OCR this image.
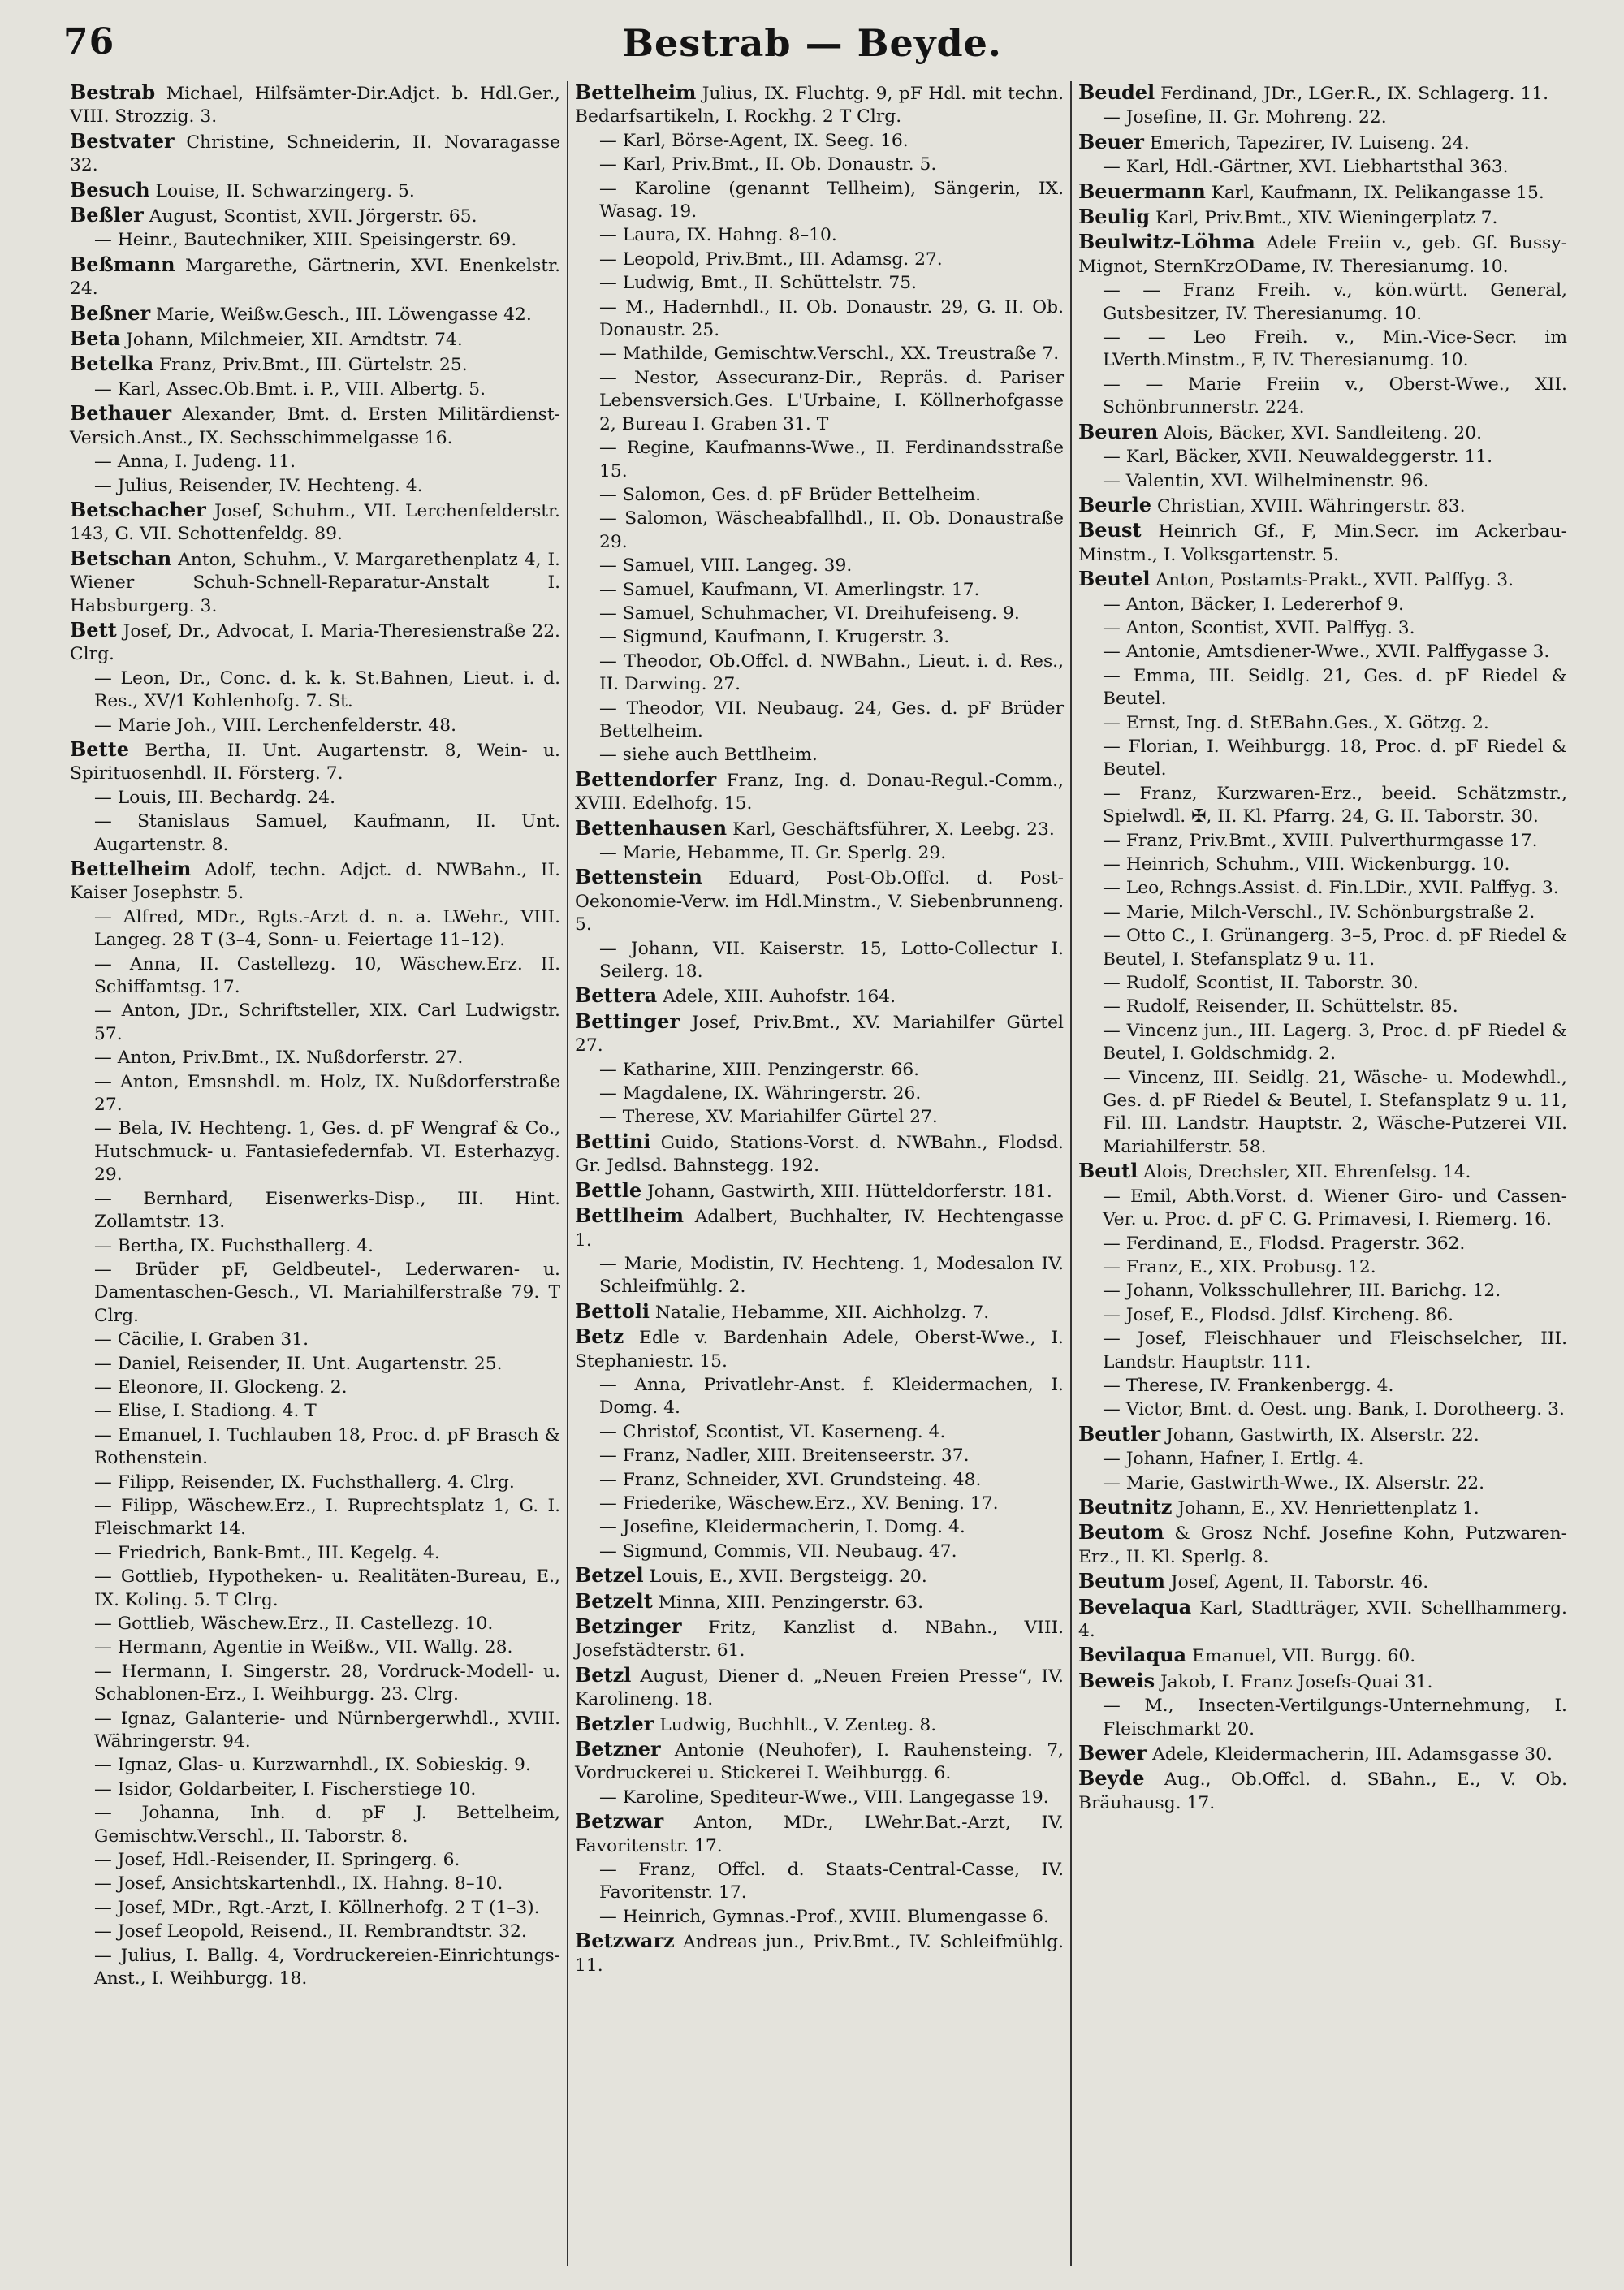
76	Bestrab — Beyde.
Bestrab Michael, Hilfsämter-Dir.Adjct. b. Hdl.Ger., VIII. Strozzig. 3.
Bestvater Christine, Schneiderin, II. Novaragasse 32.
Besuch Louise, II. Schwarzingerg. 5.
Beßler August, Scontist, XVII. Jörgerstr. 65.
— Heinr., Bautechniker, XIII. Speisingerstr. 69.
Beßmann Margarethe, Gärtnerin, XVI. Enenkelstr. 24.
Beßner Marie, Weißw.Gesch., III. Löwengasse 42.
Beta Johann, Milchmeier, XII. Arndtstr. 74.
Betelka Franz, Priv.Bmt., III. Gürtelstr. 25.
— Karl, Assec.Ob.Bmt. i. P., VIII. Albertg. 5.
Bethauer Alexander, Bmt. d. Ersten Militärdienst-Versich.Anst., IX. Sechsschimmelgasse 16.
— Anna, I. Judeng. 11.
— Julius, Reisender, IV. Hechteng. 4.
Betschacher Josef, Schuhm., VII. Lerchenfelderstr. 143, G. VII. Schottenfeldg. 89.
Betschan Anton, Schuhm., V. Margarethenplatz 4, I. Wiener Schuh-Schnell-Reparatur-Anstalt I. Habsburgerg. 3.
Bett Josef, Dr., Advocat, I. Maria-Theresienstraße 22. Clrg.
— Leon, Dr., Conc. d. k. k. St.Bahnen, Lieut. i. d. Res., XV/1 Kohlenhofg. 7. St.
— Marie Joh., VIII. Lerchenfelderstr. 48.
Bette Bertha, II. Unt. Augartenstr. 8, Wein- u. Spirituosenhdl. II. Försterg. 7.
— Louis, III. Bechardg. 24.
— Stanislaus Samuel, Kaufmann, II. Unt. Augartenstr. 8.
Bettelheim Adolf, techn. Adjct. d. NWBahn., II. Kaiser Josephstr. 5.
— Alfred, MDr., Rgts.-Arzt d. n. a. LWehr., VIII. Langeg. 28 T (3–4, Sonn- u. Feiertage 11–12).
— Anna, II. Castellezg. 10, Wäschew.Erz. II. Schiffamtsg. 17.
— Anton, JDr., Schriftsteller, XIX. Carl Ludwigstr. 57.
— Anton, Priv.Bmt., IX. Nußdorferstr. 27.
— Anton, Emsnshdl. m. Holz, IX. Nußdorferstraße 27.
— Bela, IV. Hechteng. 1, Ges. d. pF Wengraf & Co., Hutschmuck- u. Fantasiefedernfab. VI. Esterhazyg. 29.
— Bernhard, Eisenwerks-Disp., III. Hint. Zollamtstr. 13.
— Bertha, IX. Fuchsthallerg. 4.
— Brüder pF, Geldbeutel-, Lederwaren- u. Damentaschen-Gesch., VI. Mariahilferstraße 79. T Clrg.
— Cäcilie, I. Graben 31.
— Daniel, Reisender, II. Unt. Augartenstr. 25.
— Eleonore, II. Glockeng. 2.
— Elise, I. Stadiong. 4. T
— Emanuel, I. Tuchlauben 18, Proc. d. pF Brasch & Rothenstein.
— Filipp, Reisender, IX. Fuchsthallerg. 4. Clrg.
— Filipp, Wäschew.Erz., I. Ruprechtsplatz 1, G. I. Fleischmarkt 14.
— Friedrich, Bank-Bmt., III. Kegelg. 4.
— Gottlieb, Hypotheken- u. Realitäten-Bureau, E., IX. Koling. 5. T Clrg.
— Gottlieb, Wäschew.Erz., II. Castellezg. 10.
— Hermann, Agentie in Weißw., VII. Wallg. 28.
— Hermann, I. Singerstr. 28, Vordruck-Modell- u. Schablonen-Erz., I. Weihburgg. 23. Clrg.
— Ignaz, Galanterie- und Nürnbergerwhdl., XVIII. Währingerstr. 94.
— Ignaz, Glas- u. Kurzwarnhdl., IX. Sobieskig. 9.
— Isidor, Goldarbeiter, I. Fischerstiege 10.
— Johanna, Inh. d. pF J. Bettelheim, Gemischtw.Verschl., II. Taborstr. 8.
— Josef, Hdl.-Reisender, II. Springerg. 6.
— Josef, Ansichtskartenhdl., IX. Hahng. 8–10.
— Josef, MDr., Rgt.-Arzt, I. Köllnerhofg. 2 T (1–3).
— Josef Leopold, Reisend., II. Rembrandtstr. 32.
— Julius, I. Ballg. 4, Vordruckereien-Einrichtungs-Anst., I. Weihburgg. 18.
Bettelheim Julius, IX. Fluchtg. 9, pF Hdl. mit techn. Bedarfsartikeln, I. Rockhg. 2 T Clrg.
— Karl, Börse-Agent, IX. Seeg. 16.
— Karl, Priv.Bmt., II. Ob. Donaustr. 5.
— Karoline (genannt Tellheim), Sängerin, IX. Wasag. 19.
— Laura, IX. Hahng. 8–10.
— Leopold, Priv.Bmt., III. Adamsg. 27.
— Ludwig, Bmt., II. Schüttelstr. 75.
— M., Hadernhdl., II. Ob. Donaustr. 29, G. II. Ob. Donaustr. 25.
— Mathilde, Gemischtw.Verschl., XX. Treustraße 7.
— Nestor, Assecuranz-Dir., Repräs. d. Pariser Lebensversich.Ges. L'Urbaine, I. Köllnerhofgasse 2, Bureau I. Graben 31. T
— Regine, Kaufmanns-Wwe., II. Ferdinandsstraße 15.
— Salomon, Ges. d. pF Brüder Bettelheim.
— Salomon, Wäscheabfallhdl., II. Ob. Donaustraße 29.
— Samuel, VIII. Langeg. 39.
— Samuel, Kaufmann, VI. Amerlingstr. 17.
— Samuel, Schuhmacher, VI. Dreihufeiseng. 9.
— Sigmund, Kaufmann, I. Krugerstr. 3.
— Theodor, Ob.Offcl. d. NWBahn., Lieut. i. d. Res., II. Darwing. 27.
— Theodor, VII. Neubaug. 24, Ges. d. pF Brüder Bettelheim.
— siehe auch Bettlheim.
Bettendorfer Franz, Ing. d. Donau-Regul.-Comm., XVIII. Edelhofg. 15.
Bettenhausen Karl, Geschäftsführer, X. Leebg. 23.
— Marie, Hebamme, II. Gr. Sperlg. 29.
Bettenstein Eduard, Post-Ob.Offcl. d. Post-Oekonomie-Verw. im Hdl.Minstm., V. Siebenbrunneng. 5.
— Johann, VII. Kaiserstr. 15, Lotto-Collectur I. Seilerg. 18.
Bettera Adele, XIII. Auhofstr. 164.
Bettinger Josef, Priv.Bmt., XV. Mariahilfer Gürtel 27.
— Katharine, XIII. Penzingerstr. 66.
— Magdalene, IX. Währingerstr. 26.
— Therese, XV. Mariahilfer Gürtel 27.
Bettini Guido, Stations-Vorst. d. NWBahn., Flodsd. Gr. Jedlsd. Bahnstegg. 192.
Bettle Johann, Gastwirth, XIII. Hütteldorferstr. 181.
Bettlheim Adalbert, Buchhalter, IV. Hechtengasse 1.
— Marie, Modistin, IV. Hechteng. 1, Modesalon IV. Schleifmühlg. 2.
Bettoli Natalie, Hebamme, XII. Aichholzg. 7.
Betz Edle v. Bardenhain Adele, Oberst-Wwe., I. Stephaniestr. 15.
— Anna, Privatlehr-Anst. f. Kleidermachen, I. Domg. 4.
— Christof, Scontist, VI. Kaserneng. 4.
— Franz, Nadler, XIII. Breitenseerstr. 37.
— Franz, Schneider, XVI. Grundsteing. 48.
— Friederike, Wäschew.Erz., XV. Bening. 17.
— Josefine, Kleidermacherin, I. Domg. 4.
— Sigmund, Commis, VII. Neubaug. 47.
Betzel Louis, E., XVII. Bergsteigg. 20.
Betzelt Minna, XIII. Penzingerstr. 63.
Betzinger Fritz, Kanzlist d. NBahn., VIII. Josefstädterstr. 61.
Betzl August, Diener d. „Neuen Freien Presse“, IV. Karolineng. 18.
Betzler Ludwig, Buchhlt., V. Zenteg. 8.
Betzner Antonie (Neuhofer), I. Rauhensteing. 7, Vordruckerei u. Stickerei I. Weihburgg. 6.
— Karoline, Spediteur-Wwe., VIII. Langegasse 19.
Betzwar Anton, MDr., LWehr.Bat.-Arzt, IV. Favoritenstr. 17.
— Franz, Offcl. d. Staats-Central-Casse, IV. Favoritenstr. 17.
— Heinrich, Gymnas.-Prof., XVIII. Blumengasse 6.
Betzwarz Andreas jun., Priv.Bmt., IV. Schleifmühlg. 11.
Beudel Ferdinand, JDr., LGer.R., IX. Schlagerg. 11.
— Josefine, II. Gr. Mohreng. 22.
Beuer Emerich, Tapezirer, IV. Luiseng. 24.
— Karl, Hdl.-Gärtner, XVI. Liebhartsthal 363.
Beuermann Karl, Kaufmann, IX. Pelikangasse 15.
Beulig Karl, Priv.Bmt., XIV. Wieningerplatz 7.
Beulwitz-Löhma Adele Freiin v., geb. Gf. Bussy-Mignot, SternKrzODame, IV. Theresianumg. 10.
— — Franz Freih. v., kön.württ. General, Gutsbesitzer, IV. Theresianumg. 10.
— — Leo Freih. v., Min.-Vice-Secr. im LVerth.Minstm., F, IV. Theresianumg. 10.
— — Marie Freiin v., Oberst-Wwe., XII. Schönbrunnerstr. 224.
Beuren Alois, Bäcker, XVI. Sandleiteng. 20.
— Karl, Bäcker, XVII. Neuwaldeggerstr. 11.
— Valentin, XVI. Wilhelminenstr. 96.
Beurle Christian, XVIII. Währingerstr. 83.
Beust Heinrich Gf., F, Min.Secr. im Ackerbau-Minstm., I. Volksgartenstr. 5.
Beutel Anton, Postamts-Prakt., XVII. Palffyg. 3.
— Anton, Bäcker, I. Ledererhof 9.
— Anton, Scontist, XVII. Palffyg. 3.
— Antonie, Amtsdiener-Wwe., XVII. Palffygasse 3.
— Emma, III. Seidlg. 21, Ges. d. pF Riedel & Beutel.
— Ernst, Ing. d. StEBahn.Ges., X. Götzg. 2.
— Florian, I. Weihburgg. 18, Proc. d. pF Riedel & Beutel.
— Franz, Kurzwaren-Erz., beeid. Schätzmstr., Spielwdl. ✠, II. Kl. Pfarrg. 24, G. II. Taborstr. 30.
— Franz, Priv.Bmt., XVIII. Pulverthurmgasse 17.
— Heinrich, Schuhm., VIII. Wickenburgg. 10.
— Leo, Rchngs.Assist. d. Fin.LDir., XVII. Palffyg. 3.
— Marie, Milch-Verschl., IV. Schönburgstraße 2.
— Otto C., I. Grünangerg. 3–5, Proc. d. pF Riedel & Beutel, I. Stefansplatz 9 u. 11.
— Rudolf, Scontist, II. Taborstr. 30.
— Rudolf, Reisender, II. Schüttelstr. 85.
— Vincenz jun., III. Lagerg. 3, Proc. d. pF Riedel & Beutel, I. Goldschmidg. 2.
— Vincenz, III. Seidlg. 21, Wäsche- u. Modewhdl., Ges. d. pF Riedel & Beutel, I. Stefansplatz 9 u. 11, Fil. III. Landstr. Hauptstr. 2, Wäsche-Putzerei VII. Mariahilferstr. 58.
Beutl Alois, Drechsler, XII. Ehrenfelsg. 14.
— Emil, Abth.Vorst. d. Wiener Giro- und Cassen-Ver. u. Proc. d. pF C. G. Primavesi, I. Riemerg. 16.
— Ferdinand, E., Flodsd. Pragerstr. 362.
— Franz, E., XIX. Probusg. 12.
— Johann, Volksschullehrer, III. Barichg. 12.
— Josef, E., Flodsd. Jdlsf. Kircheng. 86.
— Josef, Fleischhauer und Fleischselcher, III. Landstr. Hauptstr. 111.
— Therese, IV. Frankenbergg. 4.
— Victor, Bmt. d. Oest. ung. Bank, I. Dorotheerg. 3.
Beutler Johann, Gastwirth, IX. Alserstr. 22.
— Johann, Hafner, I. Ertlg. 4.
— Marie, Gastwirth-Wwe., IX. Alserstr. 22.
Beutnitz Johann, E., XV. Henriettenplatz 1.
Beutom & Grosz Nchf. Josefine Kohn, Putzwaren-Erz., II. Kl. Sperlg. 8.
Beutum Josef, Agent, II. Taborstr. 46.
Bevelaqua Karl, Stadtträger, XVII. Schellhammerg. 4.
Bevilaqua Emanuel, VII. Burgg. 60.
Beweis Jakob, I. Franz Josefs-Quai 31.
— M., Insecten-Vertilgungs-Unternehmung, I. Fleischmarkt 20.
Bewer Adele, Kleidermacherin, III. Adamsgasse 30.
Beyde Aug., Ob.Offcl. d. SBahn., E., V. Ob. Bräuhausg. 17.
